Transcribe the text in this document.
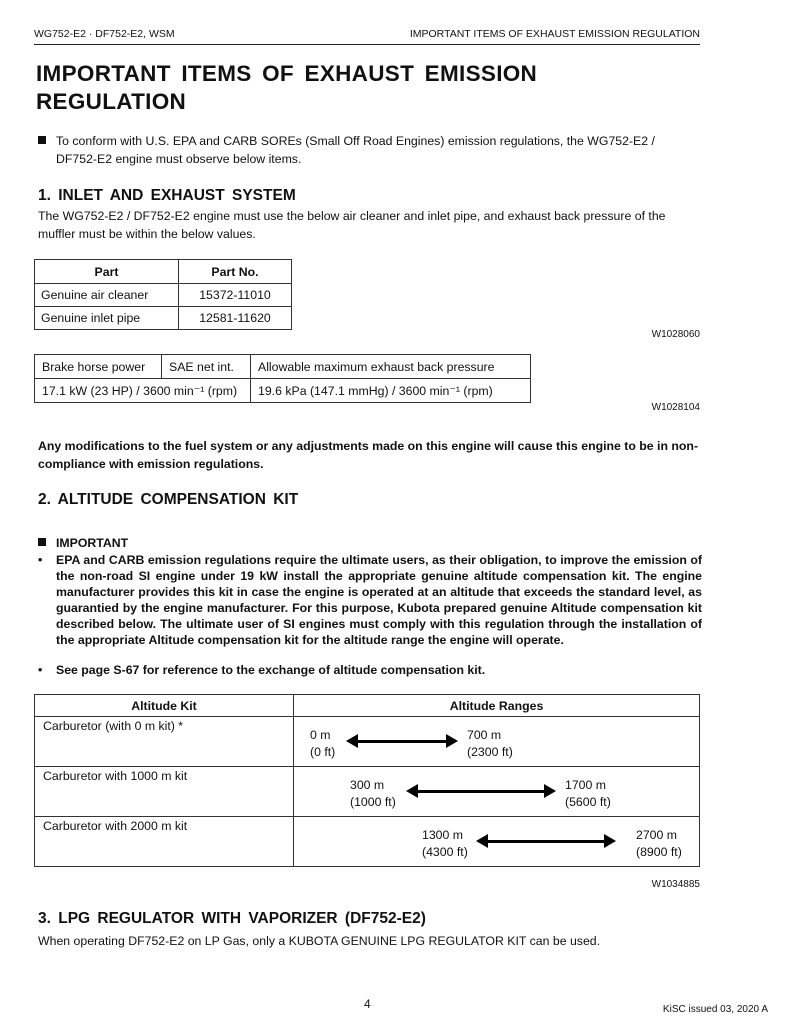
WG752-E2 · DF752-E2, WSM	IMPORTANT ITEMS OF EXHAUST EMISSION REGULATION
IMPORTANT ITEMS OF EXHAUST EMISSION REGULATION
To conform with U.S. EPA and CARB SOREs (Small Off Road Engines) emission regulations, the WG752-E2 /
DF752-E2 engine must observe below items.
1. INLET AND EXHAUST SYSTEM
The WG752-E2 / DF752-E2 engine must use the below air cleaner and inlet pipe, and exhaust back pressure of the muffler must be within the below values.
Part	Part No.
Genuine air cleaner	15372-11010
Genuine inlet pipe	12581-11620
W1028060
Brake horse power	SAE net int.	Allowable maximum exhaust back pressure
17.1 kW (23 HP) / 3600 min⁻¹ (rpm)		19.6 kPa (147.1 mmHg) / 3600 min⁻¹ (rpm)
W1028104
Any modifications to the fuel system or any adjustments made on this engine will cause this engine to be in non-compliance with emission regulations.
2. ALTITUDE COMPENSATION KIT
IMPORTANT
• EPA and CARB emission regulations require the ultimate users, as their obligation, to improve the emission of the non-road SI engine under 19 kW install the appropriate genuine altitude compensation kit. The engine manufacturer provides this kit in case the engine is operated at an altitude that exceeds the standard level, as guarantied by the engine manufacturer. For this purpose, Kubota prepared genuine Altitude compensation kit described below. The ultimate user of SI engines must comply with this regulation through the installation of the appropriate Altitude compensation kit for the altitude range the engine will operate.
• See page S-67 for reference to the exchange of altitude compensation kit.
Altitude Kit	Altitude Ranges
Carburetor (with 0 m kit) *	0 m
(0 ft)
700 m
(2300 ft)

Carburetor with 1000 m kit	300 m
(1000 ft)
1700 m
(5600 ft)

Carburetor with 2000 m kit	1300 m
(4300 ft)
2700 m
(8900 ft)
W1034885
3. LPG REGULATOR WITH VAPORIZER (DF752-E2)
When operating DF752-E2 on LP Gas, only a KUBOTA GENUINE LPG REGULATOR KIT can be used.
4	KiSC issued 03, 2020 A
